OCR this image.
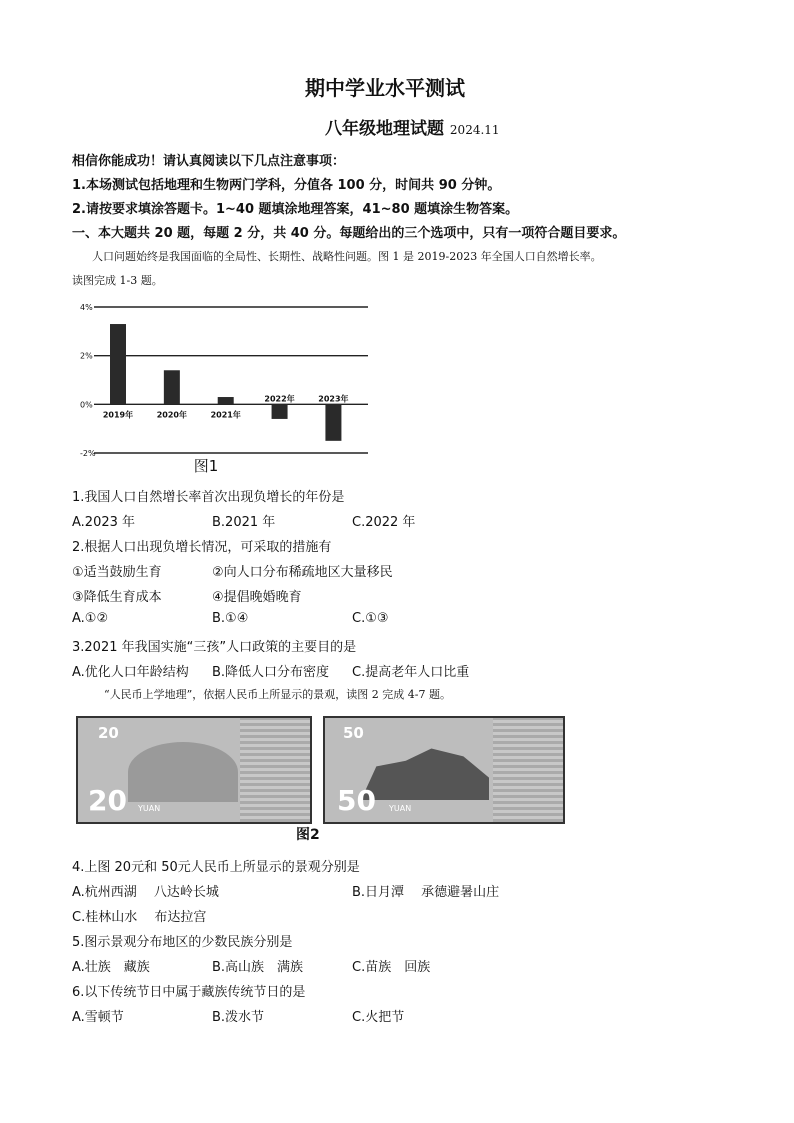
期中学业水平测试
八年级地理试题 2024.11
相信你能成功！请认真阅读以下几点注意事项：
1.本场测试包括地理和生物两门学科，分值各 100 分，时间共 90 分钟。
2.请按要求填涂答题卡。1~40 题填涂地理答案，41~80 题填涂生物答案。
一、本大题共 20 题，每题 2 分，共 40 分。每题给出的三个选项中，只有一项符合题目要求。
人口问题始终是我国面临的全局性、长期性、战略性问题。图 1 是 2019-2023 年全国人口自然增长率。
读图完成 1-3 题。
4%
2%
0%
-2%
2019年	2020年	2021年
2022年	2023年
图1
1.我国人口自然增长率首次出现负增长的年份是
A.2023 年	B.2021 年	C.2022 年
2.根据人口出现负增长情况，可采取的措施有
①适当鼓励生育	②向人口分布稀疏地区大量移民
③降低生育成本	④提倡晚婚晚育
A.①②	B.①④	C.①③
3.2021 年我国实施“三孩”人口政策的主要目的是
A.优化人口年龄结构 B.降低人口分布密度 C.提高老年人口比重
“人民币上学地理”，依据人民币上所显示的景观，读图 2 完成 4-7 题。
20
20 YUAN
50
50 YUAN
图2
4.上图 20元和 50元人民币上所显示的景观分别是
A.杭州西湖　 八达岭长城	B.日月潭　 承德避暑山庄
C.桂林山水　 布达拉宫
5.图示景观分布地区的少数民族分别是
A.壮族　藏族	B.高山族　满族	C.苗族　回族
6.以下传统节日中属于藏族传统节日的是
A.雪顿节	B.泼水节	C.火把节
